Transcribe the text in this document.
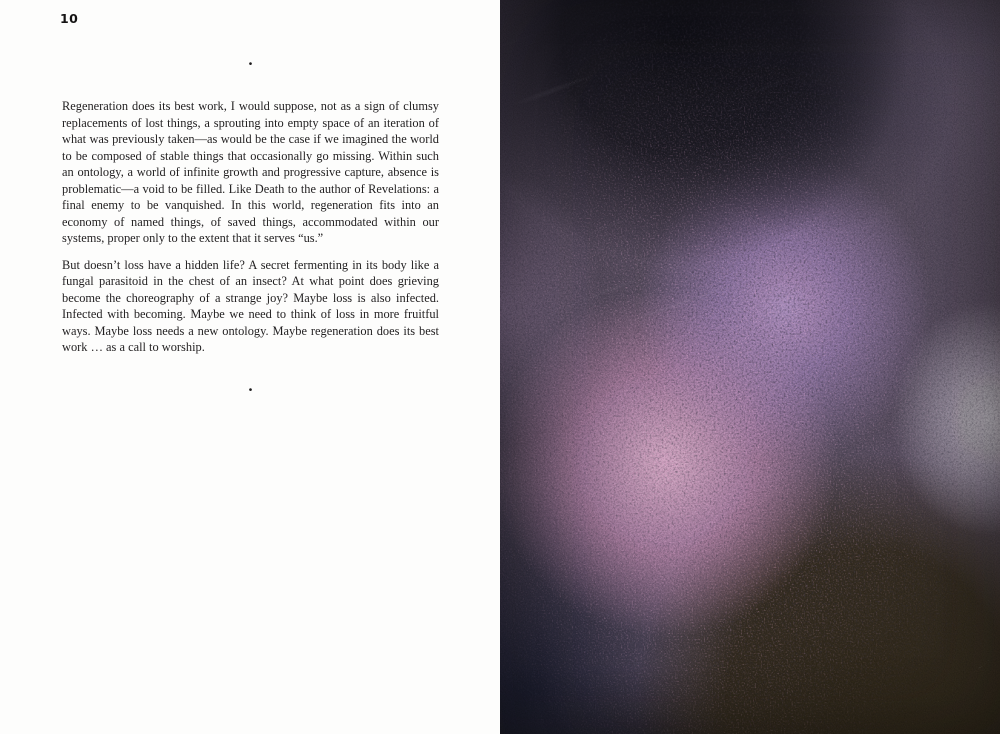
10
.

Regeneration does its best work, I would suppose, not as a sign of clumsy replacements of lost things, a sprouting into empty space of an iteration of what was previously taken—as would be the case if we imagined the world to be composed of stable things that occasionally go missing. Within such an ontology, a world of infinite growth and progressive capture, absence is problematic—a void to be filled. Like Death to the author of Revelations: a final enemy to be vanquished. In this world, regeneration fits into an economy of named things, of saved things, accommodated within our systems, proper only to the extent that it serves “us.”

But doesn’t loss have a hidden life? A secret fermenting in its body like a fungal parasitoid in the chest of an insect? At what point does grieving become the choreography of a strange joy? Maybe loss is also infected. Infected with becoming. Maybe we need to think of loss in more fruitful ways. Maybe loss needs a new ontology. Maybe regeneration does its best work … as a call to worship.

.
